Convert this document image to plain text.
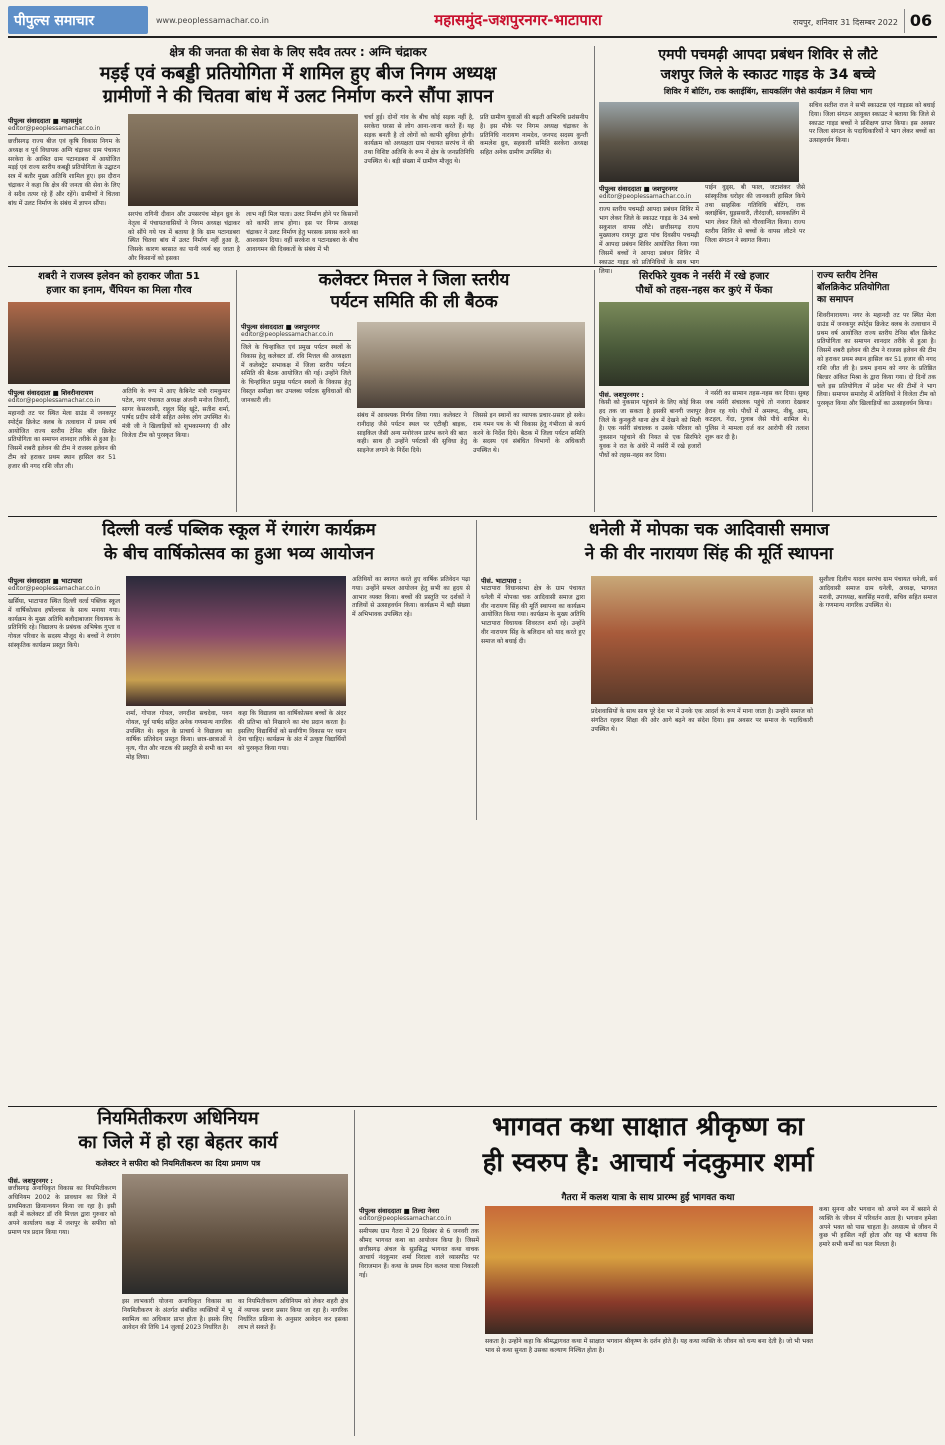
पीपुल्स समाचार	www.peoplessamachar.co.in	महासमुंद-जशपुरनगर-भाटापारा	रायपुर, शनिवार 31 दिसम्बर 2022 06
क्षेत्र की जनता की सेवा के लिए सदैव तत्पर : अग्नि चंद्राकर
मड़ई एवं कबड्डी प्रतियोगिता में शामिल हुए बीज निगम अध्यक्ष
ग्रामीणों ने की चितवा बांध में उलट निर्माण करने सौंपा ज्ञापन
पीपुल्स संवाददाता ■ महासमुंद
editor@peoplessamachar.co.in
छत्तीसगढ़ राज्य बीज एवं कृषि विकास निगम के अध्यक्ष व पूर्व विधायक अग्नि चंद्राकर ग्राम पंचायत सरकेरा के आश्रित ग्राम पटानडबरा में आयोजित मड़ई एवं राज्य स्तरीय कबड्डी प्रतियोगिता के उद्घाटन सत्र में बतौर मुख्य अतिथि शामिल हुए। इस दौरान चंद्राकर ने कहा कि क्षेत्र की जनता की सेवा के लिए वे सदैव तत्पर रहे हैं और रहेंगे। ग्रामीणों ने चितवा बांध में उलट निर्माण के संबंध में ज्ञापन सौंपा।
सरपंच रागिनी दीवान और उपसरपंच मोहन ध्रुव के नेतृत्व में पंचायतवासियों ने निगम अध्यक्ष चंद्राकर को सौंपे गये पत्र में बताया है कि ग्राम पटानडबरा स्थित चितवा बांध में उलट निर्माण नहीं हुआ है, जिसके कारण बरसात का पानी व्यर्थ बह जाता है और किसानों को इसका
लाभ नहीं मिल पाता। उलट निर्माण होने पर किसानों को काफी लाभ होगा। इस पर निगम अध्यक्ष चंद्राकर ने उलट निर्माण हेतु भरसक प्रयास करने का आश्वासन दिया। वहीं सरकेरा व पटानडबरा के बीच आवागमन की दिक्कतों के संबंध में भी
चर्चा हुई। दोनों गांव के बीच कोई सड़क नहीं है, सरकेरा घरसा से लोग आना-जाना करते हैं। यह सड़क बनती है तो लोगों को काफी सुविधा होगी। कार्यक्रम को अध्यक्षता ग्राम पंचायत सरपंच ने की तथा विशिष्ट अतिथि के रूप में क्षेत्र के जनप्रतिनिधि उपस्थित थे। बड़ी संख्या में ग्रामीण मौजूद थे।
प्रति ग्रामीण युवाओं की बढ़ती अभिरुचि प्रशंसनीय है। इस मौके पर निगम अध्यक्ष चंद्राकर के प्रतिनिधि नारायण नामदेव, जनपद सदस्य कुन्ती कमलेश ध्रुव, सहकारी समिति सरकेरा अध्यक्ष सहित अनेक ग्रामीण उपस्थित थे।
एमपी पचमढ़ी आपदा प्रबंधन शिविर से लौटे
जशपुर जिले के स्काउट गाइड के 34 बच्चे
शिविर में बोटिंग, राक क्लाईबिंग, सायकलिंग जैसे कार्यक्रम में लिया भाग
पीपुल्स संवाददाता ■ जशपुरनगर
editor@peoplessamachar.co.in
राज्य स्तरीय पचमढ़ी आपदा प्रबंधन शिविर में भाग लेकर जिले के स्काउट गाइड के 34 बच्चे सकुशल वापस लौटे। छत्तीसगढ़ राज्य मुख्यालय रायपुर द्वारा पांच दिवसीय पचमढ़ी में आपदा प्रबंधन शिविर आयोजित किया गया जिसमें बच्चों ने आपदा प्रबंधन शिविर में स्काउट गाइड को प्रतिनिधियों के साथ भाग लिया।
पाईन वुड्स, बी फाल, जटाशंकर जैसे सांस्कृतिक धरोहर की जानकारी हासिल किये तथा साहसिक गतिविधि बोटिंग, राक क्लाईबिंग, घुड़सवारी, तीरंदाजी, सायकलिंग में भाग लेकर जिले को गौरवान्वित किया। राज्य स्तरीय शिविर से बच्चों के वापस लौटने पर जिला संगठन ने स्वागत किया।
सचिव सतीश राज ने सभी स्काउटस एवं गाइडस को बधाई दिया। जिला संगठन आयुक्त स्काउट ने बताया कि जिले से स्काउट गाइड बच्चों ने प्रशिक्षण प्राप्त किया। इस अवसर पर जिला संगठन के पदाधिकारियों ने भाग लेकर बच्चों का उत्साहवर्धन किया।
शबरी ने राजस्व इलेवन को हराकर जीता 51
हजार का इनाम, चैंपियन का मिला गौरव
पीपुल्स संवाददाता ■ शिवरीनारायण
editor@peoplessamachar.co.in
महानदी तट पर स्थित मेला ग्राउंड में जनकपुर स्पोर्ट्स क्रिकेट क्लब के तत्वाधान में प्रथम वर्ष आयोजित राज्य स्तरीय टेनिस बॉल क्रिकेट प्रतियोगिता का समापन शानदार तरीके से हुआ है। जिसमें शबरी इलेवन की टीम ने राजस्व इलेवन की टीम को हराकर प्रथम स्थान हासिल कर 51 हजार की नगद राशि जीत ली।
अतिथि के रूप में आए कैबिनेट मंत्री रामकुमार पटेल, नगर पंचायत अध्यक्ष अंजनी मनोज तिवारी, सागर केसरवानी, राहुल सिंह खुंटे, सतीश शर्मा, पार्षद प्रदीप सोनी सहित अनेक लोग उपस्थित थे। मंत्री जी ने खिलाड़ियों को शुभकामनाएं दी और विजेता टीम को पुरस्कृत किया।
कलेक्टर मित्तल ने जिला स्तरीय
पर्यटन समिति की ली बैठक
पीपुल्स संवाददाता ■ जशपुरनगर
editor@peoplessamachar.co.in
जिले के चिन्हांकित एवं प्रमुख पर्यटन स्थलों के विकास हेतु कलेक्टर डॉ. रवि मित्तल की अध्यक्षता में कलेक्ट्रेट सभाकक्ष में जिला स्तरीय पर्यटन समिति की बैठक आयोजित की गई। उन्होंने जिले के चिन्हांकित प्रमुख पर्यटन स्थलों के विकास हेतु विस्तृत समीक्षा कर उपलब्ध पर्यटक सुविधाओं की जानकारी ली।
संबंध में आवश्यक निर्णय लिया गया। कलेक्टर ने रानीदाह जैसे पर्यटन स्थल पर एटीव्ही बाइक, साइकिल जैसी अन्य मनोरंजन प्रारंभ करने की बात कही। साथ ही उन्होंने पर्यटकों की सुविधा हेतु साइनेज लगाने के निर्देश दिये।
जिससे इन स्थानों का व्यापक प्रचार-प्रसार हो सके। राम गमन पथ के भी विकास हेतु गंभीरता से कार्य करने के निर्देश दिये। बैठक में जिला पर्यटन समिति के सदस्य एवं संबंधित विभागों के अधिकारी उपस्थित थे।
सिरफिरे युवक ने नर्सरी में रखे हजार
पौधों को तहस-नहस कर कुएं में फेंका
पीसं. जशपुरनगर :
किसी को नुकसान पहुंचाने के लिए कोई किस हद तक जा सकता है इसकी बानगी जशपुर जिले के कुनकुरी थाना क्षेत्र में देखने को मिली है। एक नर्सरी संचालक व उसके परिवार को नुकसान पहुंचाने की नियत से एक सिरफिरे युवक ने रात के अंधेरे में नर्सरी में रखे हजारों पौधों को तहस-नहस कर दिया।
ने नर्सरी का सामान तहस-नहस कर दिया। सुबह जब नर्सरी संचालक पहुंचे तो नजारा देखकर हैरान रह गये। पौधों में अमरूद, नीबू, आम, कटहल, गेंदा, गुलाब जैसे पौधे शामिल थे। पुलिस ने मामला दर्ज कर आरोपी की तलाश शुरू कर दी है।
राज्य स्तरीय टेनिस
बॉलक्रिकेट प्रतियोगिता
का समापन
शिवरीनारायण। नगर के महानदी तट पर स्थित मेला ग्राउंड में जनकपुर स्पोर्ट्स क्रिकेट क्लब के तत्वाधान में प्रथम वर्ष आयोजित राज्य स्तरीय टेनिस बॉल क्रिकेट प्रतियोगिता का समापन शानदार तरीके से हुआ है। जिसमें शबरी इलेवन की टीम ने राजस्व इलेवन की टीम को हराकर प्रथम स्थान हासिल कर 51 हजार की नगद राशि जीत ली है। प्रथम इनाम को नगर के प्रतिष्ठित बिल्डर अंकित मिश्रा के द्वारा किया गया। दो दिनों तक चले इस प्रतियोगिता में प्रदेश भर की टीमों ने भाग लिया। समापन समारोह में अतिथियों ने विजेता टीम को पुरस्कृत किया और खिलाड़ियों का उत्साहवर्धन किया।
दिल्ली वर्ल्ड पब्लिक स्कूल में रंगारंग कार्यक्रम
के बीच वार्षिकोत्सव का हुआ भव्य आयोजन
पीपुल्स संवाददाता ■ भाटापारा
editor@peoplessamachar.co.in
खर्सिया, भाटापारा स्थित दिल्ली वर्ल्ड पब्लिक स्कूल में वार्षिकोत्सव हर्षोल्लास के साथ मनाया गया। कार्यक्रम के मुख्य अतिथि बलौदाबाजार विधायक के प्रतिनिधि रहे। विद्यालय के प्रबंधक अभिषेक गुप्ता व गोयल परिवार के सदस्य मौजूद थे। बच्चों ने रंगारंग सांस्कृतिक कार्यक्रम प्रस्तुत किये।
शर्मा, गोपाल गोयल, जगदीश सचदेवा, पवन गोयल, पूर्व पार्षद सहित अनेक गणमान्य नागरिक उपस्थित थे। स्कूल के प्राचार्य ने विद्यालय का वार्षिक प्रतिवेदन प्रस्तुत किया। छात्र-छात्राओं ने नृत्य, गीत और नाटक की प्रस्तुति से सभी का मन मोह लिया।
कहा कि विद्यालय का वार्षिकोत्सव बच्चों के अंदर की प्रतिभा को निखारने का मंच प्रदान करता है। इसलिए विद्यार्थियों को सर्वांगीण विकास पर ध्यान देना चाहिए। कार्यक्रम के अंत में उत्कृष्ट विद्यार्थियों को पुरस्कृत किया गया।
अतिथियों का स्वागत करते हुए वार्षिक प्रतिवेदन पढ़ा गया। उन्होंने सफल आयोजन हेतु सभी का हृदय से आभार व्यक्त किया। बच्चों की प्रस्तुति पर दर्शकों ने तालियों से उत्साहवर्धन किया। कार्यक्रम में बड़ी संख्या में अभिभावक उपस्थित रहे।
धनेली में मोपका चक आदिवासी समाज
ने की वीर नारायण सिंह की मूर्ति स्थापना
पीसं. भाटापारा :
भाटापारा विधानसभा क्षेत्र के ग्राम पंचायत धनेली में मोपका चक आदिवासी समाज द्वारा वीर नारायण सिंह की मूर्ति स्थापना का कार्यक्रम आयोजित किया गया। कार्यक्रम के मुख्य अतिथि भाटापारा विधायक शिवरतन शर्मा रहे। उन्होंने वीर नारायण सिंह के बलिदान को याद करते हुए समाज को बधाई दी।
प्रदेशवासियों के साथ साथ पूरे देश भर में उनके एक आदर्श के रूप में माना जाता है। उन्होंने समाज को संगठित रहकर शिक्षा की ओर आगे बढ़ने का संदेश दिया। इस अवसर पर समाज के पदाधिकारी उपस्थित थे।
सुशीला दिलीप यादव सरपंच ग्राम पंचायत धनेली, सर्व आदिवासी समाज ग्राम धनेली, अध्यक्ष, भागवत मरावी, उपाध्यक्ष, बलसिंह मरावी, सचिव सहित समाज के गणमान्य नागरिक उपस्थित थे।
नियमितीकरण अधिनियम
का जिले में हो रहा बेहतर कार्य
कलेक्टर ने सफीरा को नियमितीकरण का दिया प्रमाण पत्र
पीसं. जशपुरनगर :
छत्तीसगढ़ अनाधिकृत विकास का नियमितीकरण अधिनियम 2002 के प्रावधान का जिले में प्राथमिकता क्रियान्वयन किया जा रहा है। इसी कड़ी में कलेक्टर डॉ रवि मित्तल द्वारा गुरुवार को अपने कार्यालय कक्ष में जशपुर के सफीरा को प्रमाण पत्र प्रदान किया गया।
इस लाभकारी योजना अनाधिकृत विकास का नियमितीकरण के अंतर्गत संबंधित व्यक्तियों में भू स्वामित्व का अधिकार प्राप्त होता है। इसके लिए आवेदन की तिथि 14 जुलाई 2023 निर्धारित है।
का नियमितीकरण अधिनियम को लेकर शहरी क्षेत्र में व्यापक प्रचार प्रसार किया जा रहा है। नागरिक निर्धारित प्रक्रिया के अनुसार आवेदन कर इसका लाभ ले सकते हैं।
भागवत कथा साक्षात श्रीकृष्ण का
ही स्वरुप है: आचार्य नंदकुमार शर्मा
गैतरा में कलश यात्रा के साथ प्रारम्भ हुई भागवत कथा
पीपुल्स संवाददाता ■ तिल्दा नेवरा
editor@peoplessamachar.co.in
समीपस्थ ग्राम गैतरा में 29 दिसंबर से 6 जनवरी तक श्रीमद भागवत कथा का आयोजन किया है। जिसमें छत्तीसगढ़ अंचल के सुप्रसिद्ध भागवत कथा वाचक आचार्य नंदकुमार शर्मा निराला वाले व्यासपीठ पर विराजमान हैं। कथा के प्रथम दिन कलश यात्रा निकाली गई।
सकता है। उन्होंने कहा कि श्रीमद्भागवत कथा में साक्षात भगवान श्रीकृष्ण के दर्शन होते हैं। यह कथा व्यक्ति के जीवन को धन्य बना देती है। जो भी भक्त भाव से कथा सुनता है उसका कल्याण निश्चित होता है।
कथा सुनना और भगवान को अपने मन में बसाने से व्यक्ति के जीवन में परिवर्तन आता है। भगवान हमेशा अपने भक्त को पास चाहता है। अध्यात्म से जीवन में कुछ भी हासिल नहीं होता और यह भी बताया कि हमारे सभी कर्मों का फल मिलता है।
